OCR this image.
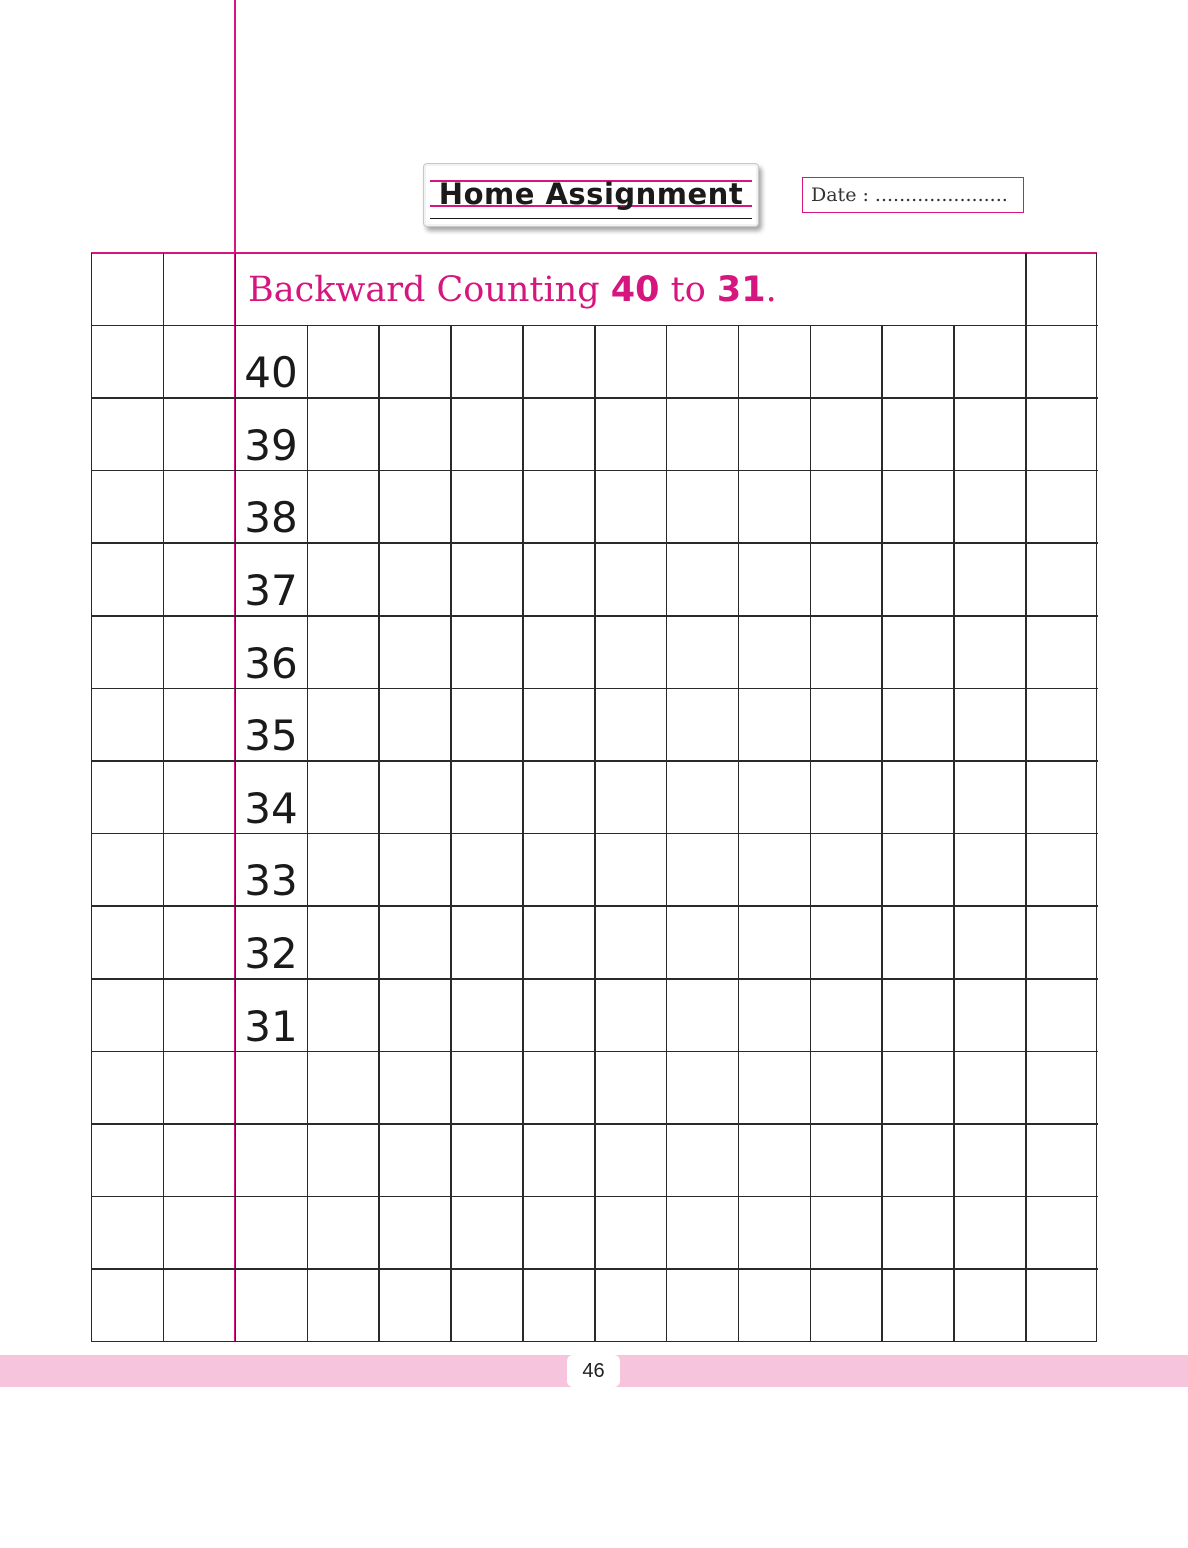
Home Assignment	Date : ......................
Backward Counting 40 to 31.
40
39
38
37
36
35
34
33
32
31
46
